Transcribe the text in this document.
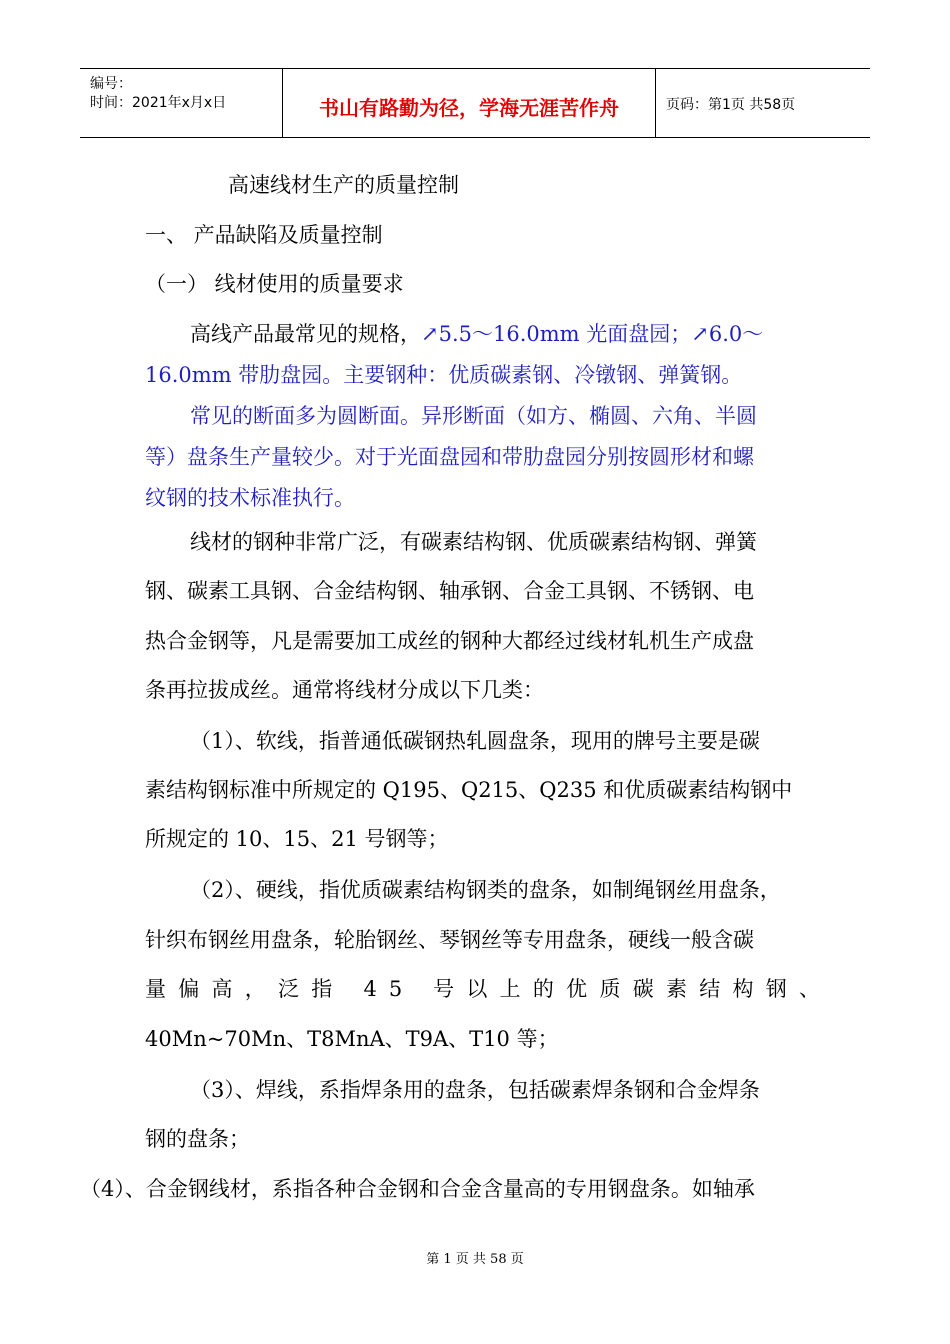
编号：
时间：2021年x月x日	书山有路勤为径，学海无涯苦作舟	页码：第1页 共58页
高速线材生产的质量控制
一、 产品缺陷及质量控制
（一） 线材使用的质量要求
高线产品最常见的规格，↗5.5～16.0mm 光面盘园；↗6.0～
16.0mm 带肋盘园。主要钢种：优质碳素钢、冷镦钢、弹簧钢。
常见的断面多为圆断面。异形断面（如方、椭圆、六角、半圆
等）盘条生产量较少。对于光面盘园和带肋盘园分别按圆形材和螺
纹钢的技术标准执行。
线材的钢种非常广泛，有碳素结构钢、优质碳素结构钢、弹簧
钢、碳素工具钢、合金结构钢、轴承钢、合金工具钢、不锈钢、电
热合金钢等，凡是需要加工成丝的钢种大都经过线材轧机生产成盘
条再拉拔成丝。通常将线材分成以下几类：
（1）、软线，指普通低碳钢热轧圆盘条，现用的牌号主要是碳
素结构钢标准中所规定的 Q195、Q215、Q235 和优质碳素结构钢中
所规定的 10、15、21 号钢等；
（2）、硬线，指优质碳素结构钢类的盘条，如制绳钢丝用盘条，
针织布钢丝用盘条，轮胎钢丝、琴钢丝等专用盘条，硬线一般含碳
量偏高，泛指 45 号以上的优质碳素结构钢、
40Mn~70Mn、T8MnA、T9A、T10 等；
（3）、焊线，系指焊条用的盘条，包括碳素焊条钢和合金焊条
钢的盘条；
（4）、合金钢线材，系指各种合金钢和合金含量高的专用钢盘条。如轴承
第 1 页 共 58 页
